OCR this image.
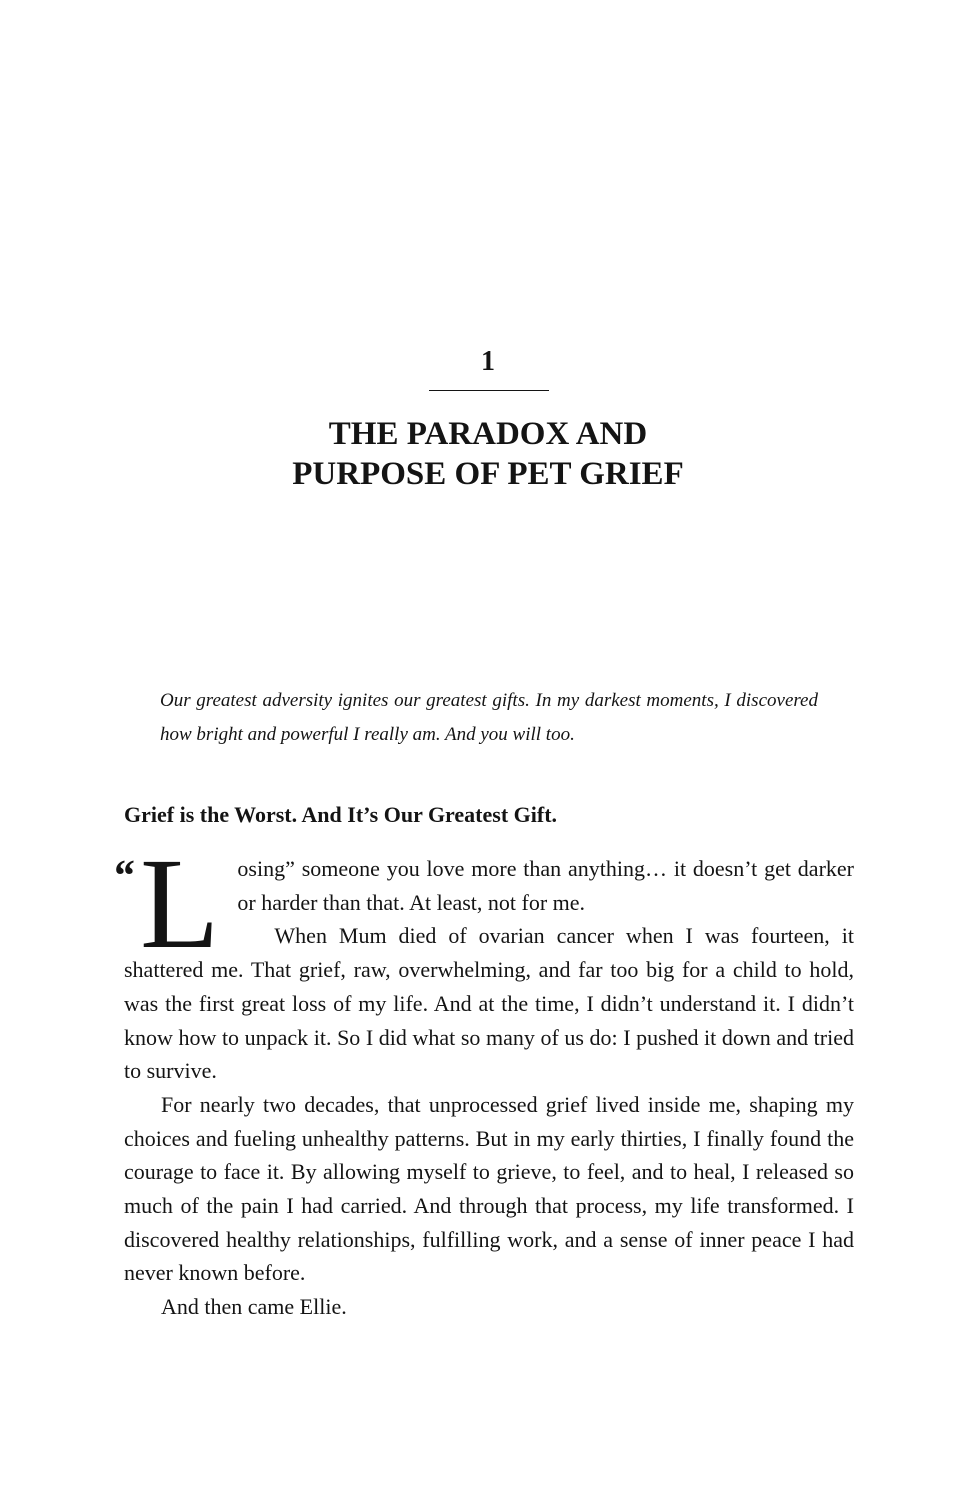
1
THE PARADOX AND
PURPOSE OF PET GRIEF
Our greatest adversity ignites our greatest gifts. In my darkest moments, I discovered how bright and powerful I really am. And you will too.
Grief is the Worst. And It’s Our Greatest Gift.
“ Losing” someone you love more than anything… it doesn’t get darker or harder than that. At least, not for me.

When Mum died of ovarian cancer when I was fourteen, it shattered me. That grief, raw, overwhelming, and far too big for a child to hold, was the first great loss of my life. And at the time, I didn’t understand it. I didn’t know how to unpack it. So I did what so many of us do: I pushed it down and tried to survive.

For nearly two decades, that unprocessed grief lived inside me, shaping my choices and fueling unhealthy patterns. But in my early thirties, I finally found the courage to face it. By allowing myself to grieve, to feel, and to heal, I released so much of the pain I had carried. And through that process, my life transformed. I discovered healthy relationships, fulfilling work, and a sense of inner peace I had never known before.

And then came Ellie.
